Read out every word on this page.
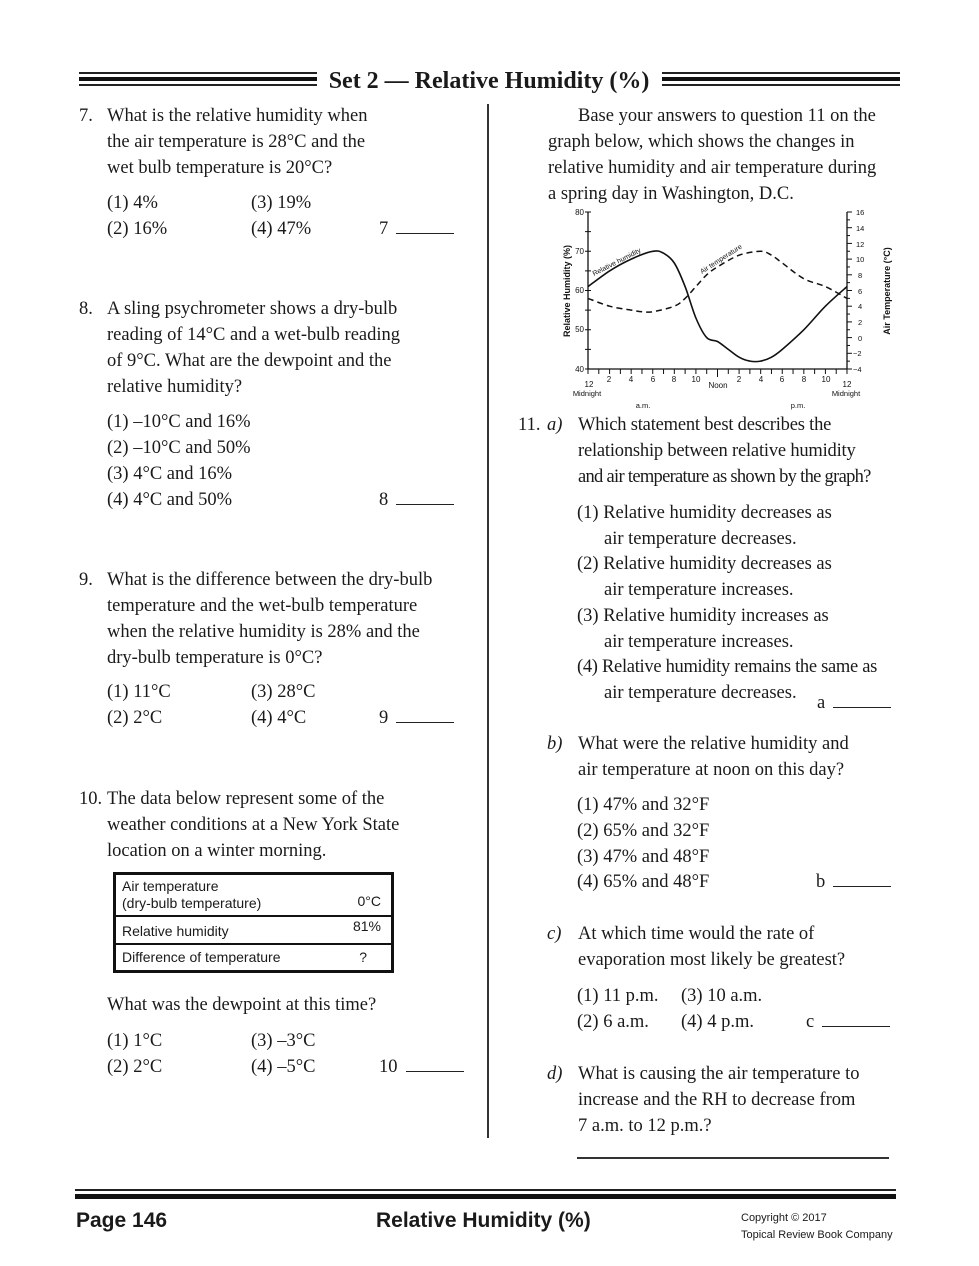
Set 2 — Relative Humidity (%)
7. What is the relative humidity when
the air temperature is 28°C and the
wet bulb temperature is 20°C?
(1) 4%
(2) 16%
(3) 19%
(4) 47%	7
8. A sling psychrometer shows a dry-bulb
reading of 14°C and a wet-bulb reading
of 9°C. What are the dewpoint and the
relative humidity?
(1) –10°C and 16%
(2) –10°C and 50%
(3) 4°C and 16%
(4) 4°C and 50%	8
9. What is the difference between the dry-bulb
temperature and the wet-bulb temperature
when the relative humidity is 28% and the
dry-bulb temperature is 0°C?
(1) 11°C
(2) 2°C
(3) 28°C
(4) 4°C	9
10. The data below represent some of the
weather conditions at a New York State
location on a winter morning.
Air temperature
(dry-bulb temperature)	0°C
Relative humidity	81%
Difference of temperature	?
What was the dewpoint at this time?
(1) 1°C
(2) 2°C
(3) –3°C
(4) –5°C	10
Base your answers to question 11 on the
graph below, which shows the changes in
relative humidity and air temperature during
a spring day in Washington, D.C.
80
70
60
50
40
16
14
12
10
8
6
4
2
0
−2
−4
12
2 4 6 8 10
Noon
2 4 6 8 10
12
Midnight	Midnight
a.m.	p.m.
Relative Humidity (%)	Air Temperature (°C)
Relative humidity	Air temperature
11. a) Which statement best describes the
relationship between relative humidity
and air temperature as shown by the graph?
(1) Relative humidity decreases as
air temperature decreases.
(2) Relative humidity decreases as
air temperature increases.
(3) Relative humidity increases as
air temperature increases.
(4) Relative humidity remains the same as
air temperature decreases.	a
b) What were the relative humidity and
air temperature at noon on this day?
(1) 47% and 32°F
(2) 65% and 32°F
(3) 47% and 48°F
(4) 65% and 48°F	b
c) At which time would the rate of
evaporation most likely be greatest?
(1) 11 p.m.
(2) 6 a.m.
(3) 10 a.m.
(4) 4 p.m.	c
d) What is causing the air temperature to
increase and the RH to decrease from
7 a.m. to 12 p.m.?
Page 146	Relative Humidity (%)	Copyright © 2017
Topical Review Book Company
